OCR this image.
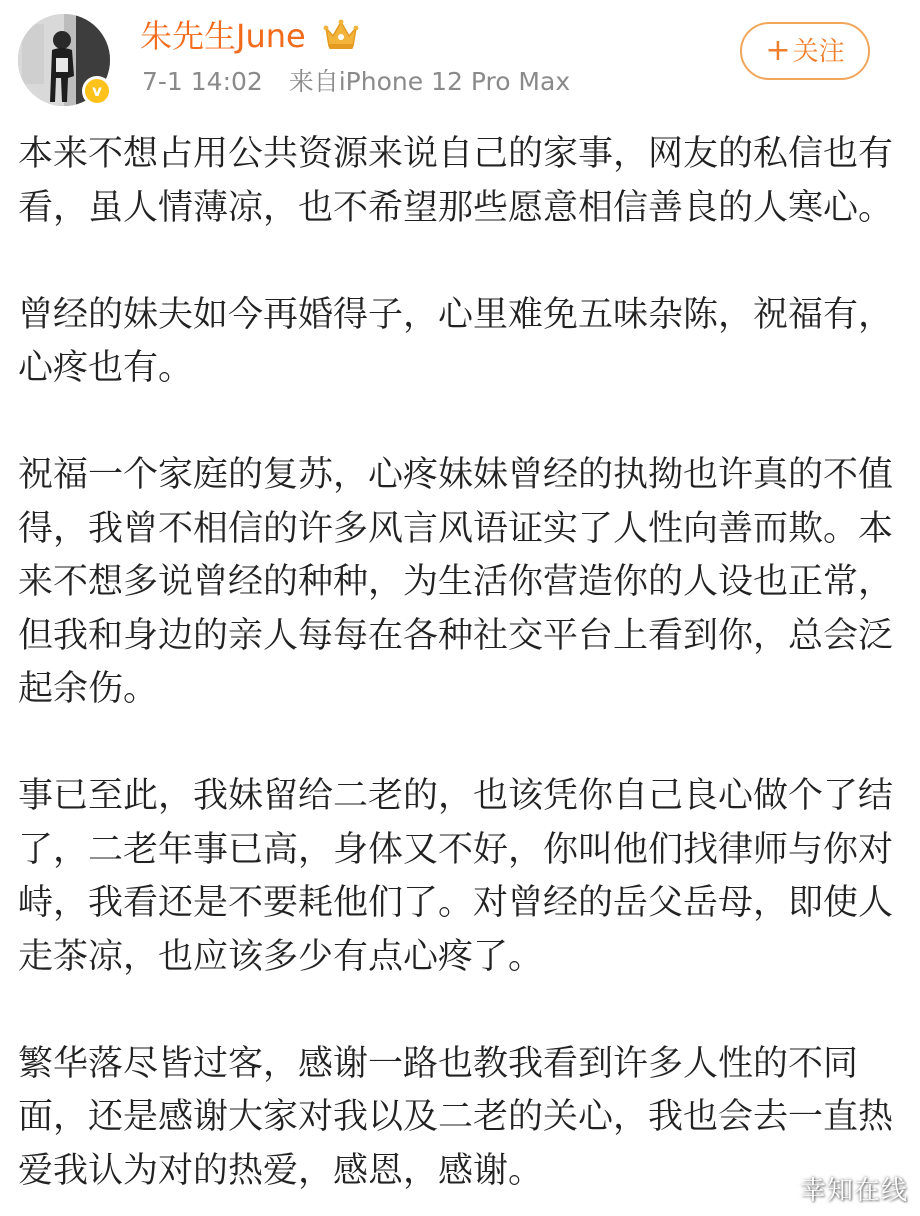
v
朱先生June
7-1 14:02 来自iPhone 12 Pro Max
+关注

本来不想占用公共资源来说自己的家事，网友的私信也有看，虽人情薄凉，也不希望那些愿意相信善良的人寒心。

曾经的妹夫如今再婚得子，心里难免五味杂陈，祝福有，心疼也有。

祝福一个家庭的复苏，心疼妹妹曾经的执拗也许真的不值得，我曾不相信的许多风言风语证实了人性向善而欺。本来不想多说曾经的种种，为生活你营造你的人设也正常，但我和身边的亲人每每在各种社交平台上看到你，总会泛起余伤。

事已至此，我妹留给二老的，也该凭你自己良心做个了结了，二老年事已高，身体又不好，你叫他们找律师与你对峙，我看还是不要耗他们了。对曾经的岳父岳母，即使人走茶凉，也应该多少有点心疼了。

繁华落尽皆过客，感谢一路也教我看到许多人性的不同面，还是感谢大家对我以及二老的关心，我也会去一直热爱我认为对的热爱，感恩，感谢。

幸知在线
